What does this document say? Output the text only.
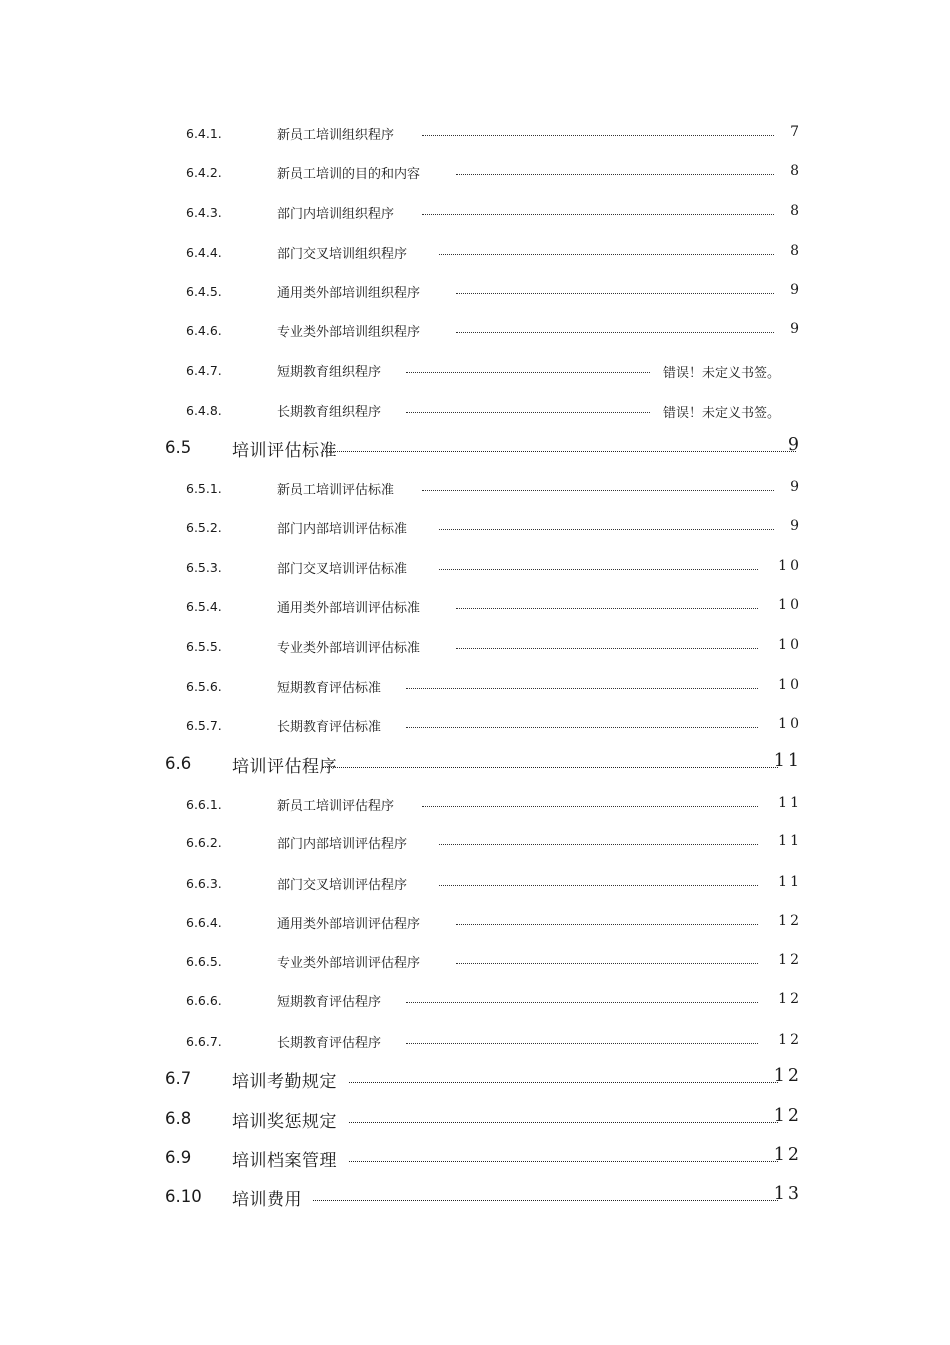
6.4.1.	新员工培训组织程序	7
6.4.2.	新员工培训的目的和内容	8
6.4.3.	部门内培训组织程序	8
6.4.4.	部门交叉培训组织程序	8
6.4.5.	通用类外部培训组织程序	9
6.4.6.	专业类外部培训组织程序	9
6.4.7.	短期教育组织程序	错误！未定义书签。
6.4.8.	长期教育组织程序	错误！未定义书签。
6.5 培训评估标准	9
6.5.1.	新员工培训评估标准	9
6.5.2.	部门内部培训评估标准	9
6.5.3.	部门交叉培训评估标准	10
6.5.4.	通用类外部培训评估标准	10
6.5.5.	专业类外部培训评估标准	10
6.5.6.	短期教育评估标准	10
6.5.7.	长期教育评估标准	10
6.6 培训评估程序	11
6.6.1.	新员工培训评估程序	11
6.6.2.	部门内部培训评估程序	11
6.6.3.	部门交叉培训评估程序	11
6.6.4.	通用类外部培训评估程序	12
6.6.5.	专业类外部培训评估程序	12
6.6.6.	短期教育评估程序	12
6.6.7.	长期教育评估程序	12
6.7 培训考勤规定	12
6.8 培训奖惩规定	12
6.9 培训档案管理	12
6.10 培训费用	13
